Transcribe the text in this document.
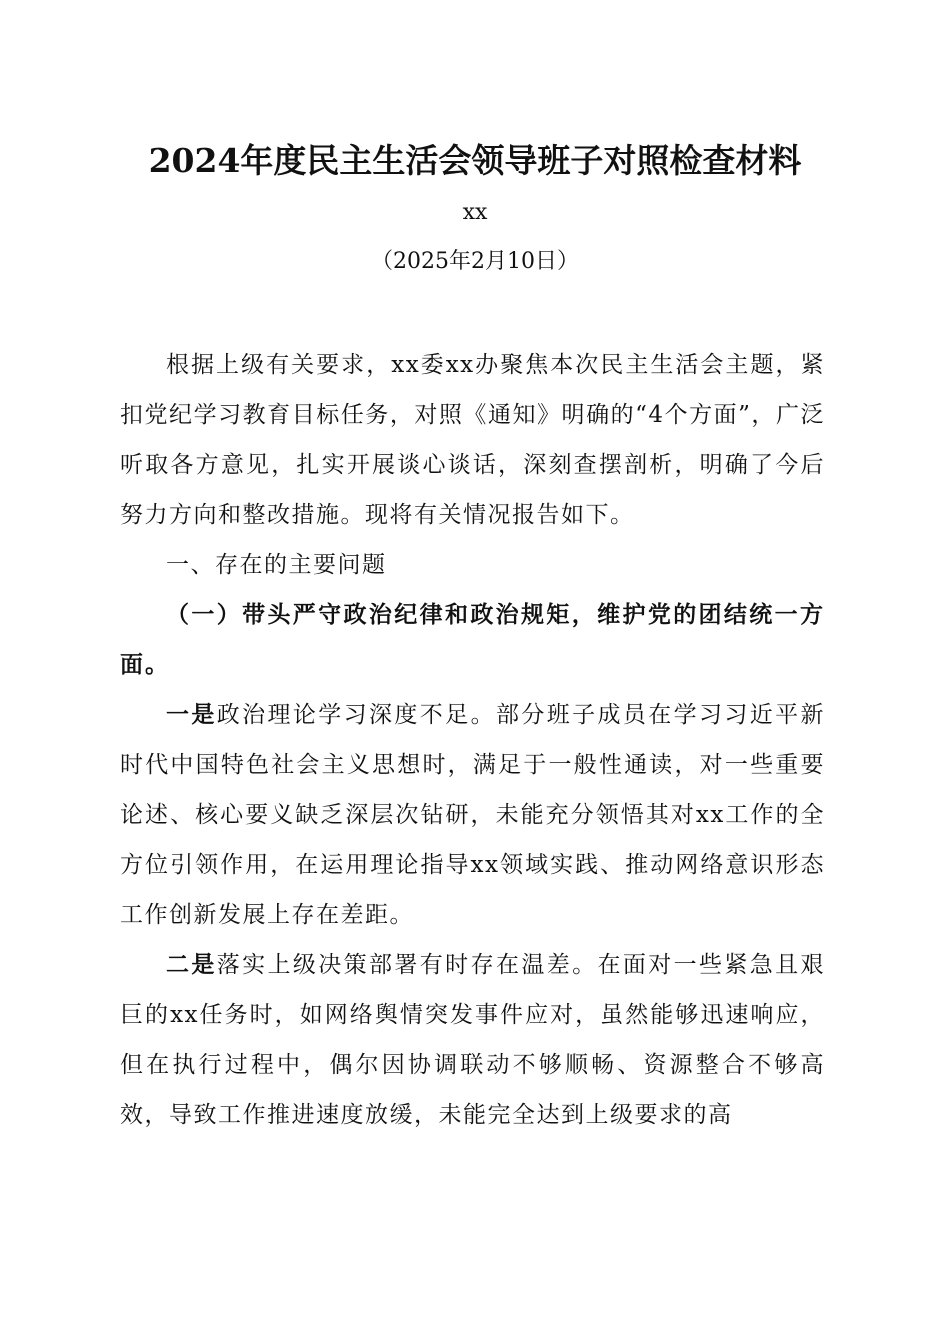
2024年度民主生活会领导班子对照检查材料
xx
（2025年2月10日）

根据上级有关要求，xx委xx办聚焦本次民主生活会主题，紧扣党纪学习教育目标任务，对照《通知》明确的“4个方面”，广泛听取各方意见，扎实开展谈心谈话，深刻查摆剖析，明确了今后努力方向和整改措施。现将有关情况报告如下。

一、存在的主要问题

（一）带头严守政治纪律和政治规矩，维护党的团结统一方面。

一是政治理论学习深度不足。部分班子成员在学习习近平新时代中国特色社会主义思想时，满足于一般性通读，对一些重要论述、核心要义缺乏深层次钻研，未能充分领悟其对xx工作的全方位引领作用，在运用理论指导xx领域实践、推动网络意识形态工作创新发展上存在差距。

二是落实上级决策部署有时存在温差。在面对一些紧急且艰巨的xx任务时，如网络舆情突发事件应对，虽然能够迅速响应，但在执行过程中，偶尔因协调联动不够顺畅、资源整合不够高效，导致工作推进速度放缓，未能完全达到上级要求的高
